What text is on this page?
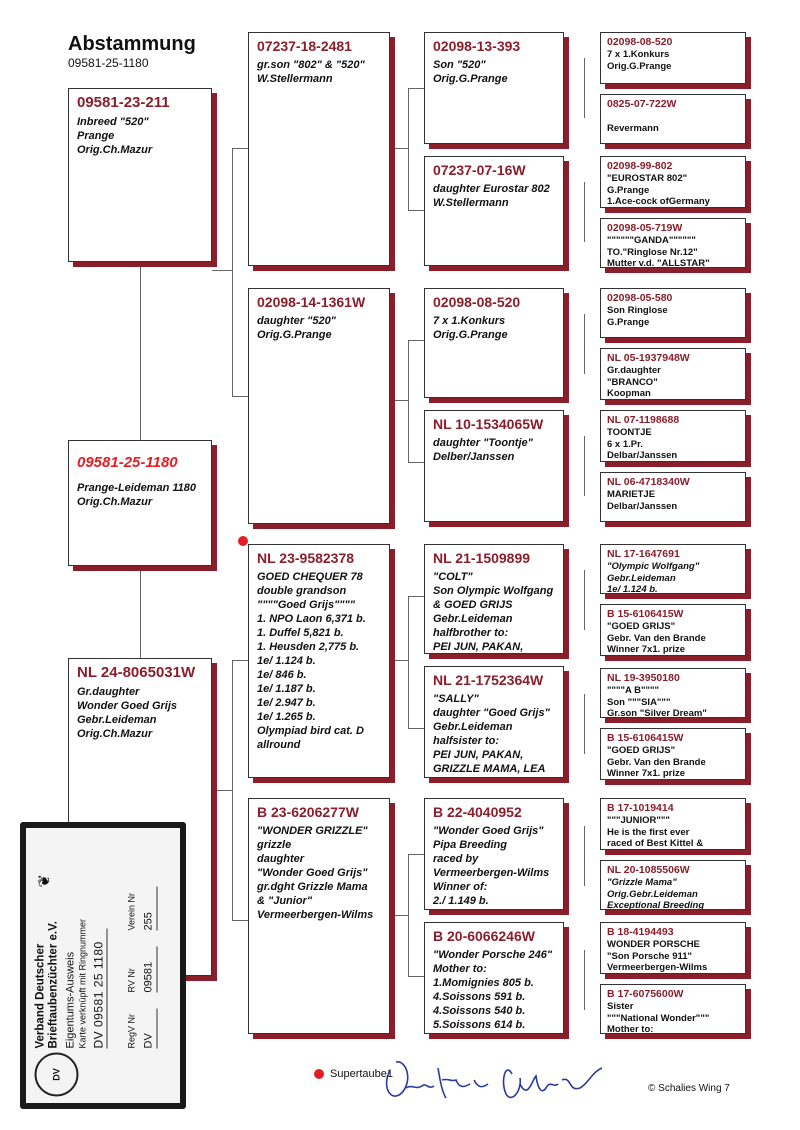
Abstammung
09581-25-1180
09581-23-211
Inbreed "520"
Prange
Orig.Ch.Mazur
09581-25-1180
Prange-Leideman 1180
Orig.Ch.Mazur
NL 24-8065031W
Gr.daughter
Wonder Goed Grijs
Gebr.Leideman
Orig.Ch.Mazur
07237-18-2481
gr.son "802" & "520"
W.Stellermann
02098-14-1361W
daughter "520"
Orig.G.Prange
NL 23-9582378
GOED CHEQUER 78
double grandson
""""Goed Grijs""""
1. NPO Laon 6,371 b.
1. Duffel 5,821 b.
1. Heusden 2,775 b.
1e/ 1.124 b.
1e/ 846 b.
1e/ 1.187 b.
1e/ 2.947 b.
1e/ 1.265 b.
Olympiad bird cat. D
allround
B 23-6206277W
"WONDER GRIZZLE"
grizzle
daughter
"Wonder Goed Grijs"
gr.dght Grizzle Mama
& "Junior"
Vermeerbergen-Wilms
02098-13-393
Son "520"
Orig.G.Prange
07237-07-16W
daughter Eurostar 802
W.Stellermann
02098-08-520
7 x 1.Konkurs
Orig.G.Prange
NL 10-1534065W
daughter "Toontje"
Delber/Janssen
NL 21-1509899
"COLT"
Son Olympic Wolfgang
& GOED GRIJS
Gebr.Leideman
halfbrother to:
PEI JUN, PAKAN,
NL 21-1752364W
"SALLY"
daughter "Goed Grijs"
Gebr.Leideman
halfsister to:
PEI JUN, PAKAN,
GRIZZLE MAMA, LEA
B 22-4040952
"Wonder Goed Grijs"
Pipa Breeding
raced by
Vermeerbergen-Wilms
Winner of:
2./ 1.149 b.
B 20-6066246W
"Wonder Porsche 246"
Mother to:
1.Momignies 805 b.
4.Soissons 591 b.
4.Soissons 540 b.
5.Soissons 614 b.
02098-08-520
7 x 1.Konkurs
Orig.G.Prange
0825-07-722W
Revermann
02098-99-802
"EUROSTAR 802"
G.Prange
1.Ace-cock ofGermany
02098-05-719W
""""""GANDA""""""
TO."Ringlose Nr.12"
Mutter v.d. "ALLSTAR"
02098-05-580
Son Ringlose
G.Prange
NL 05-1937948W
Gr.daughter
"BRANCO"
Koopman
NL 07-1198688
TOONTJE
6 x 1.Pr.
Delbar/Janssen
NL 06-4718340W
MARIETJE
Delbar/Janssen
NL 17-1647691
"Olympic Wolfgang"
Gebr.Leideman
1e/ 1.124 b.
B 15-6106415W
"GOED GRIJS"
Gebr. Van den Brande
Winner 7x1. prize
NL 19-3950180
""""A B""""
Son """SIA"""
Gr.son "Silver Dream"
B 15-6106415W
"GOED GRIJS"
Gebr. Van den Brande
Winner 7x1. prize
B 17-1019414
"""JUNIOR"""
He is the first ever
raced of Best Kittel &
NL 20-1085506W
"Grizzle Mama"
Orig.Gebr.Leideman
Exceptional Breeding
B 18-4194493
WONDER PORSCHE
"Son Porsche 911"
Vermeerbergen-Wilms
B 17-6075600W
Sister
"""National Wonder"""
Mother to:
Supertaube1
Oerzkfin Mozer
© Schalies Wing 7
DV
❦
Verband Deutscher Brieftaubenzüchter e.V. Eigentums-Ausweis Karte verknüpft mit Ringnummer DV 09581 25 1180 RegV Nr DV
RV Nr 09581
Verein Nr 255
